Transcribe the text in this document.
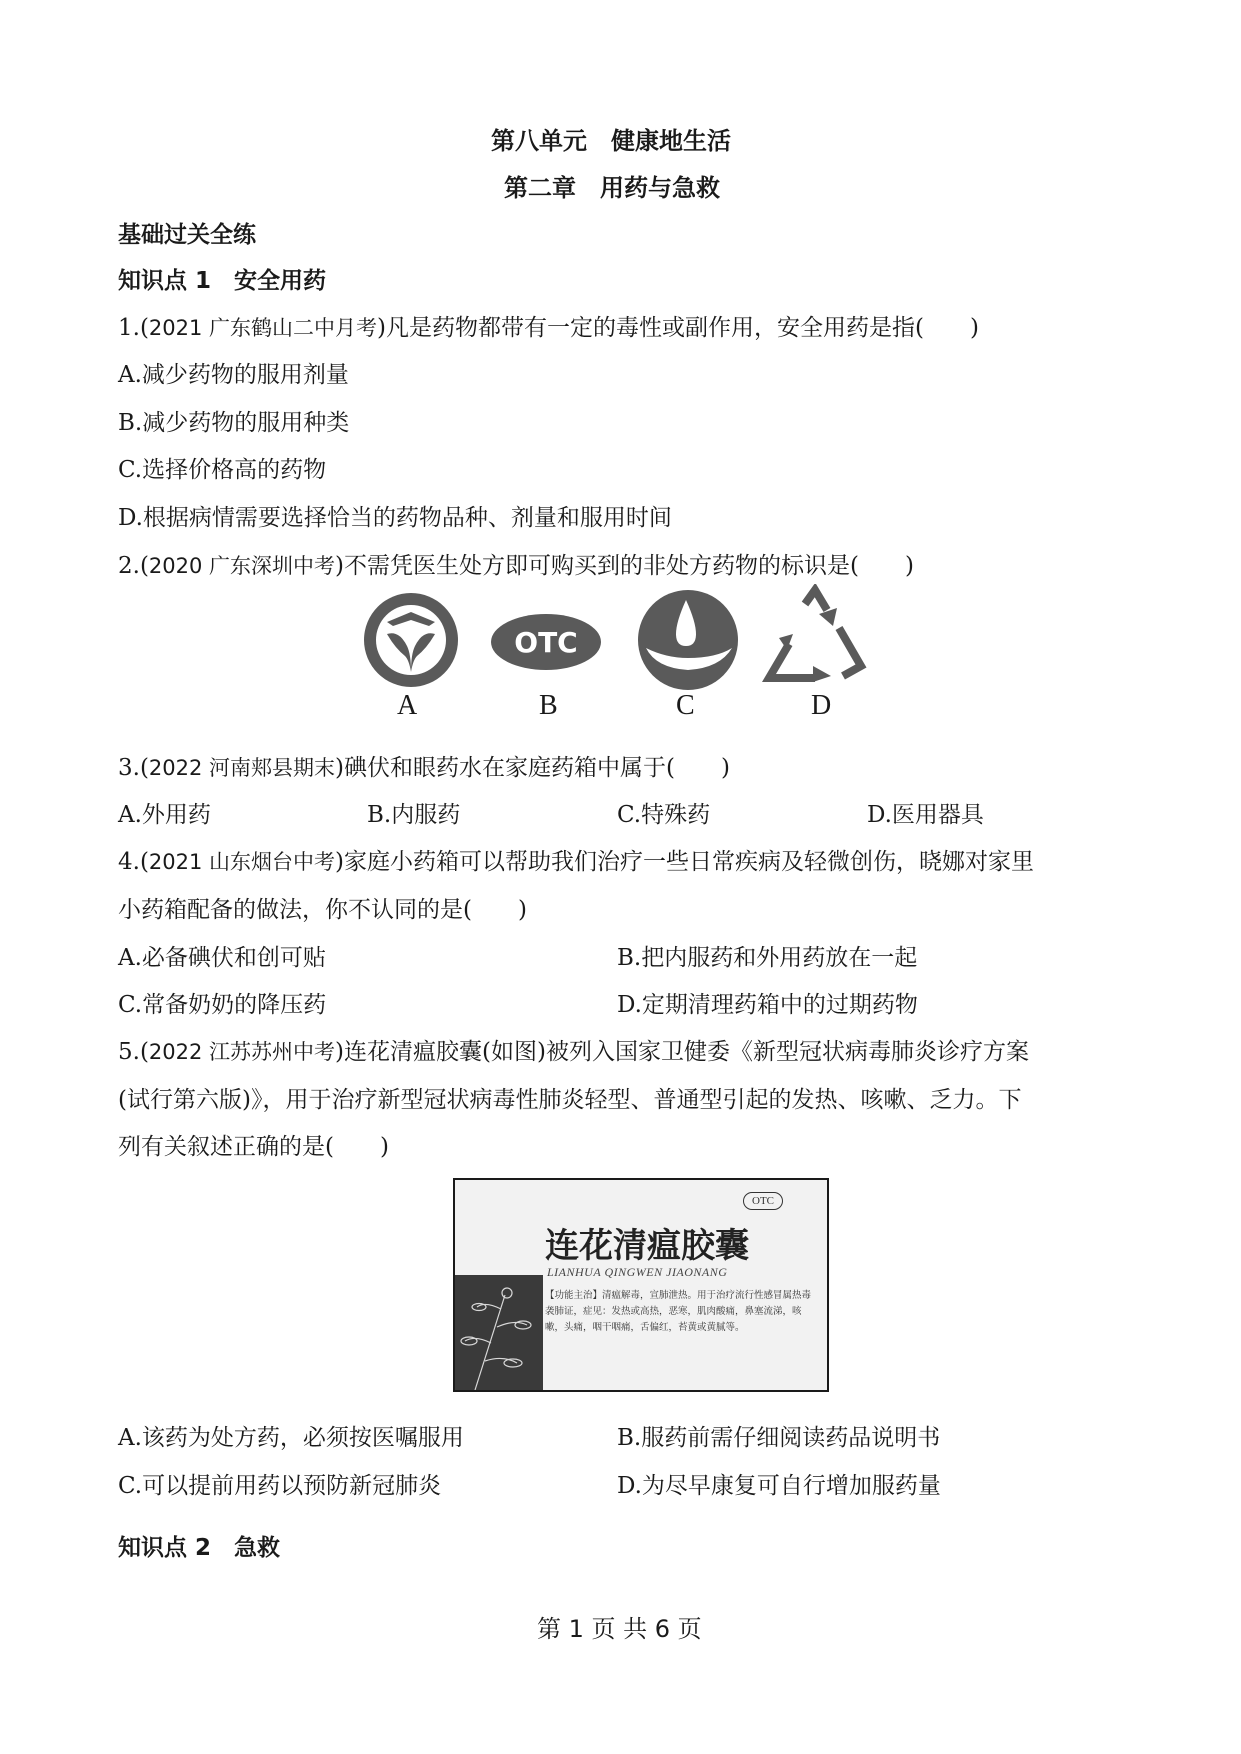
第八单元　健康地生活
第二章　用药与急救
基础过关全练
知识点 1　安全用药
1.(2021 广东鹤山二中月考)凡是药物都带有一定的毒性或副作用，安全用药是指(　　)
A.减少药物的服用剂量
B.减少药物的服用种类
C.选择价格高的药物
D.根据病情需要选择恰当的药物品种、剂量和服用时间
2.(2020 广东深圳中考)不需凭医生处方即可购买到的非处方药物的标识是(　　)
OTC
A	B	C	D
3.(2022 河南郏县期末)碘伏和眼药水在家庭药箱中属于(　　)
A.外用药	B.内服药	C.特殊药	D.医用器具
4.(2021 山东烟台中考)家庭小药箱可以帮助我们治疗一些日常疾病及轻微创伤，晓娜对家里
小药箱配备的做法，你不认同的是(　　)
A.必备碘伏和创可贴	B.把内服药和外用药放在一起
C.常备奶奶的降压药	D.定期清理药箱中的过期药物
5.(2022 江苏苏州中考)连花清瘟胶囊(如图)被列入国家卫健委《新型冠状病毒肺炎诊疗方案
(试行第六版)》，用于治疗新型冠状病毒性肺炎轻型、普通型引起的发热、咳嗽、乏力。下
列有关叙述正确的是(　　)
OTC
连花清瘟胶囊
LIANHUA QINGWEN JIAONANG
【功能主治】清瘟解毒，宣肺泄热。用于治疗流行性感冒属热毒袭肺证，症见：发热或高热，恶寒，肌肉酸痛，鼻塞流涕，咳嗽，头痛，咽干咽痛，舌偏红，苔黄或黄腻等。
A.该药为处方药，必须按医嘱服用	B.服药前需仔细阅读药品说明书
C.可以提前用药以预防新冠肺炎	D.为尽早康复可自行增加服药量
知识点 2　急救
第 1 页 共 6 页
